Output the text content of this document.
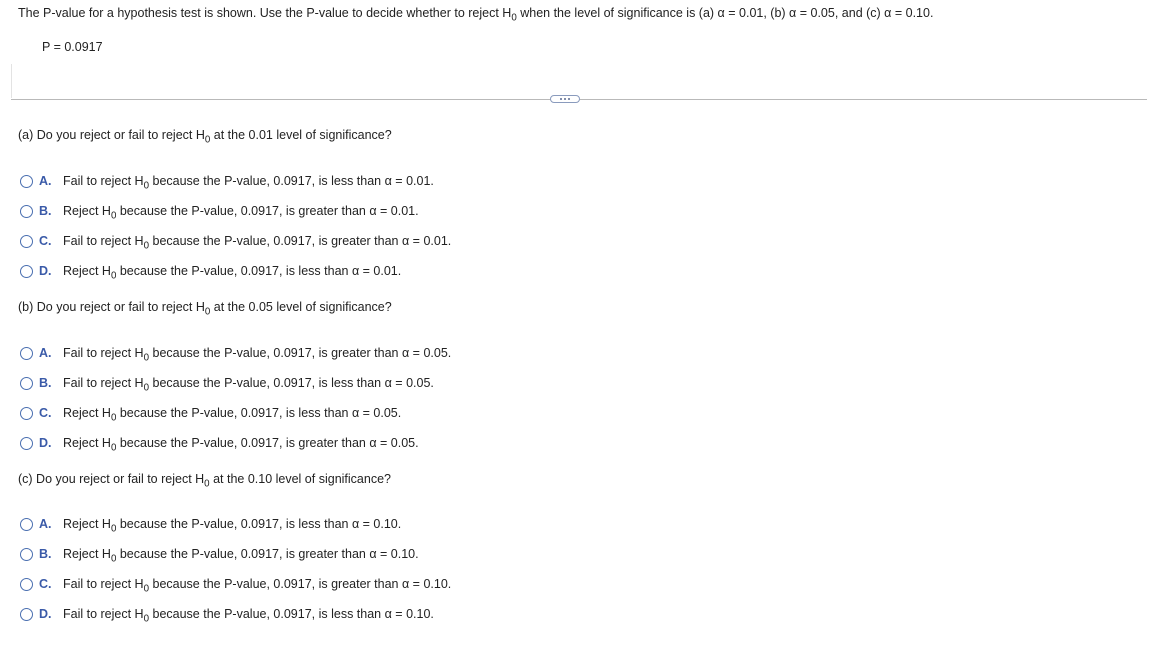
The P-value for a hypothesis test is shown. Use the P-value to decide whether to reject $H_0$ when the level of significance is (a) α = 0.01, (b) α = 0.05, and (c) α = 0.10.
P = 0.0917
(a) Do you reject or fail to reject $H_0$ at the 0.01 level of significance?
A. Fail to reject $H_0$ because the P-value, 0.0917, is less than α = 0.01.
B. Reject $H_0$ because the P-value, 0.0917, is greater than α = 0.01.
C. Fail to reject $H_0$ because the P-value, 0.0917, is greater than α = 0.01.
D. Reject $H_0$ because the P-value, 0.0917, is less than α = 0.01.
(b) Do you reject or fail to reject $H_0$ at the 0.05 level of significance?
A. Fail to reject $H_0$ because the P-value, 0.0917, is greater than α = 0.05.
B. Fail to reject $H_0$ because the P-value, 0.0917, is less than α = 0.05.
C. Reject $H_0$ because the P-value, 0.0917, is less than α = 0.05.
D. Reject $H_0$ because the P-value, 0.0917, is greater than α = 0.05.
(c) Do you reject or fail to reject $H_0$ at the 0.10 level of significance?
A. Reject $H_0$ because the P-value, 0.0917, is less than α = 0.10.
B. Reject $H_0$ because the P-value, 0.0917, is greater than α = 0.10.
C. Fail to reject $H_0$ because the P-value, 0.0917, is greater than α = 0.10.
D. Fail to reject $H_0$ because the P-value, 0.0917, is less than α = 0.10.
